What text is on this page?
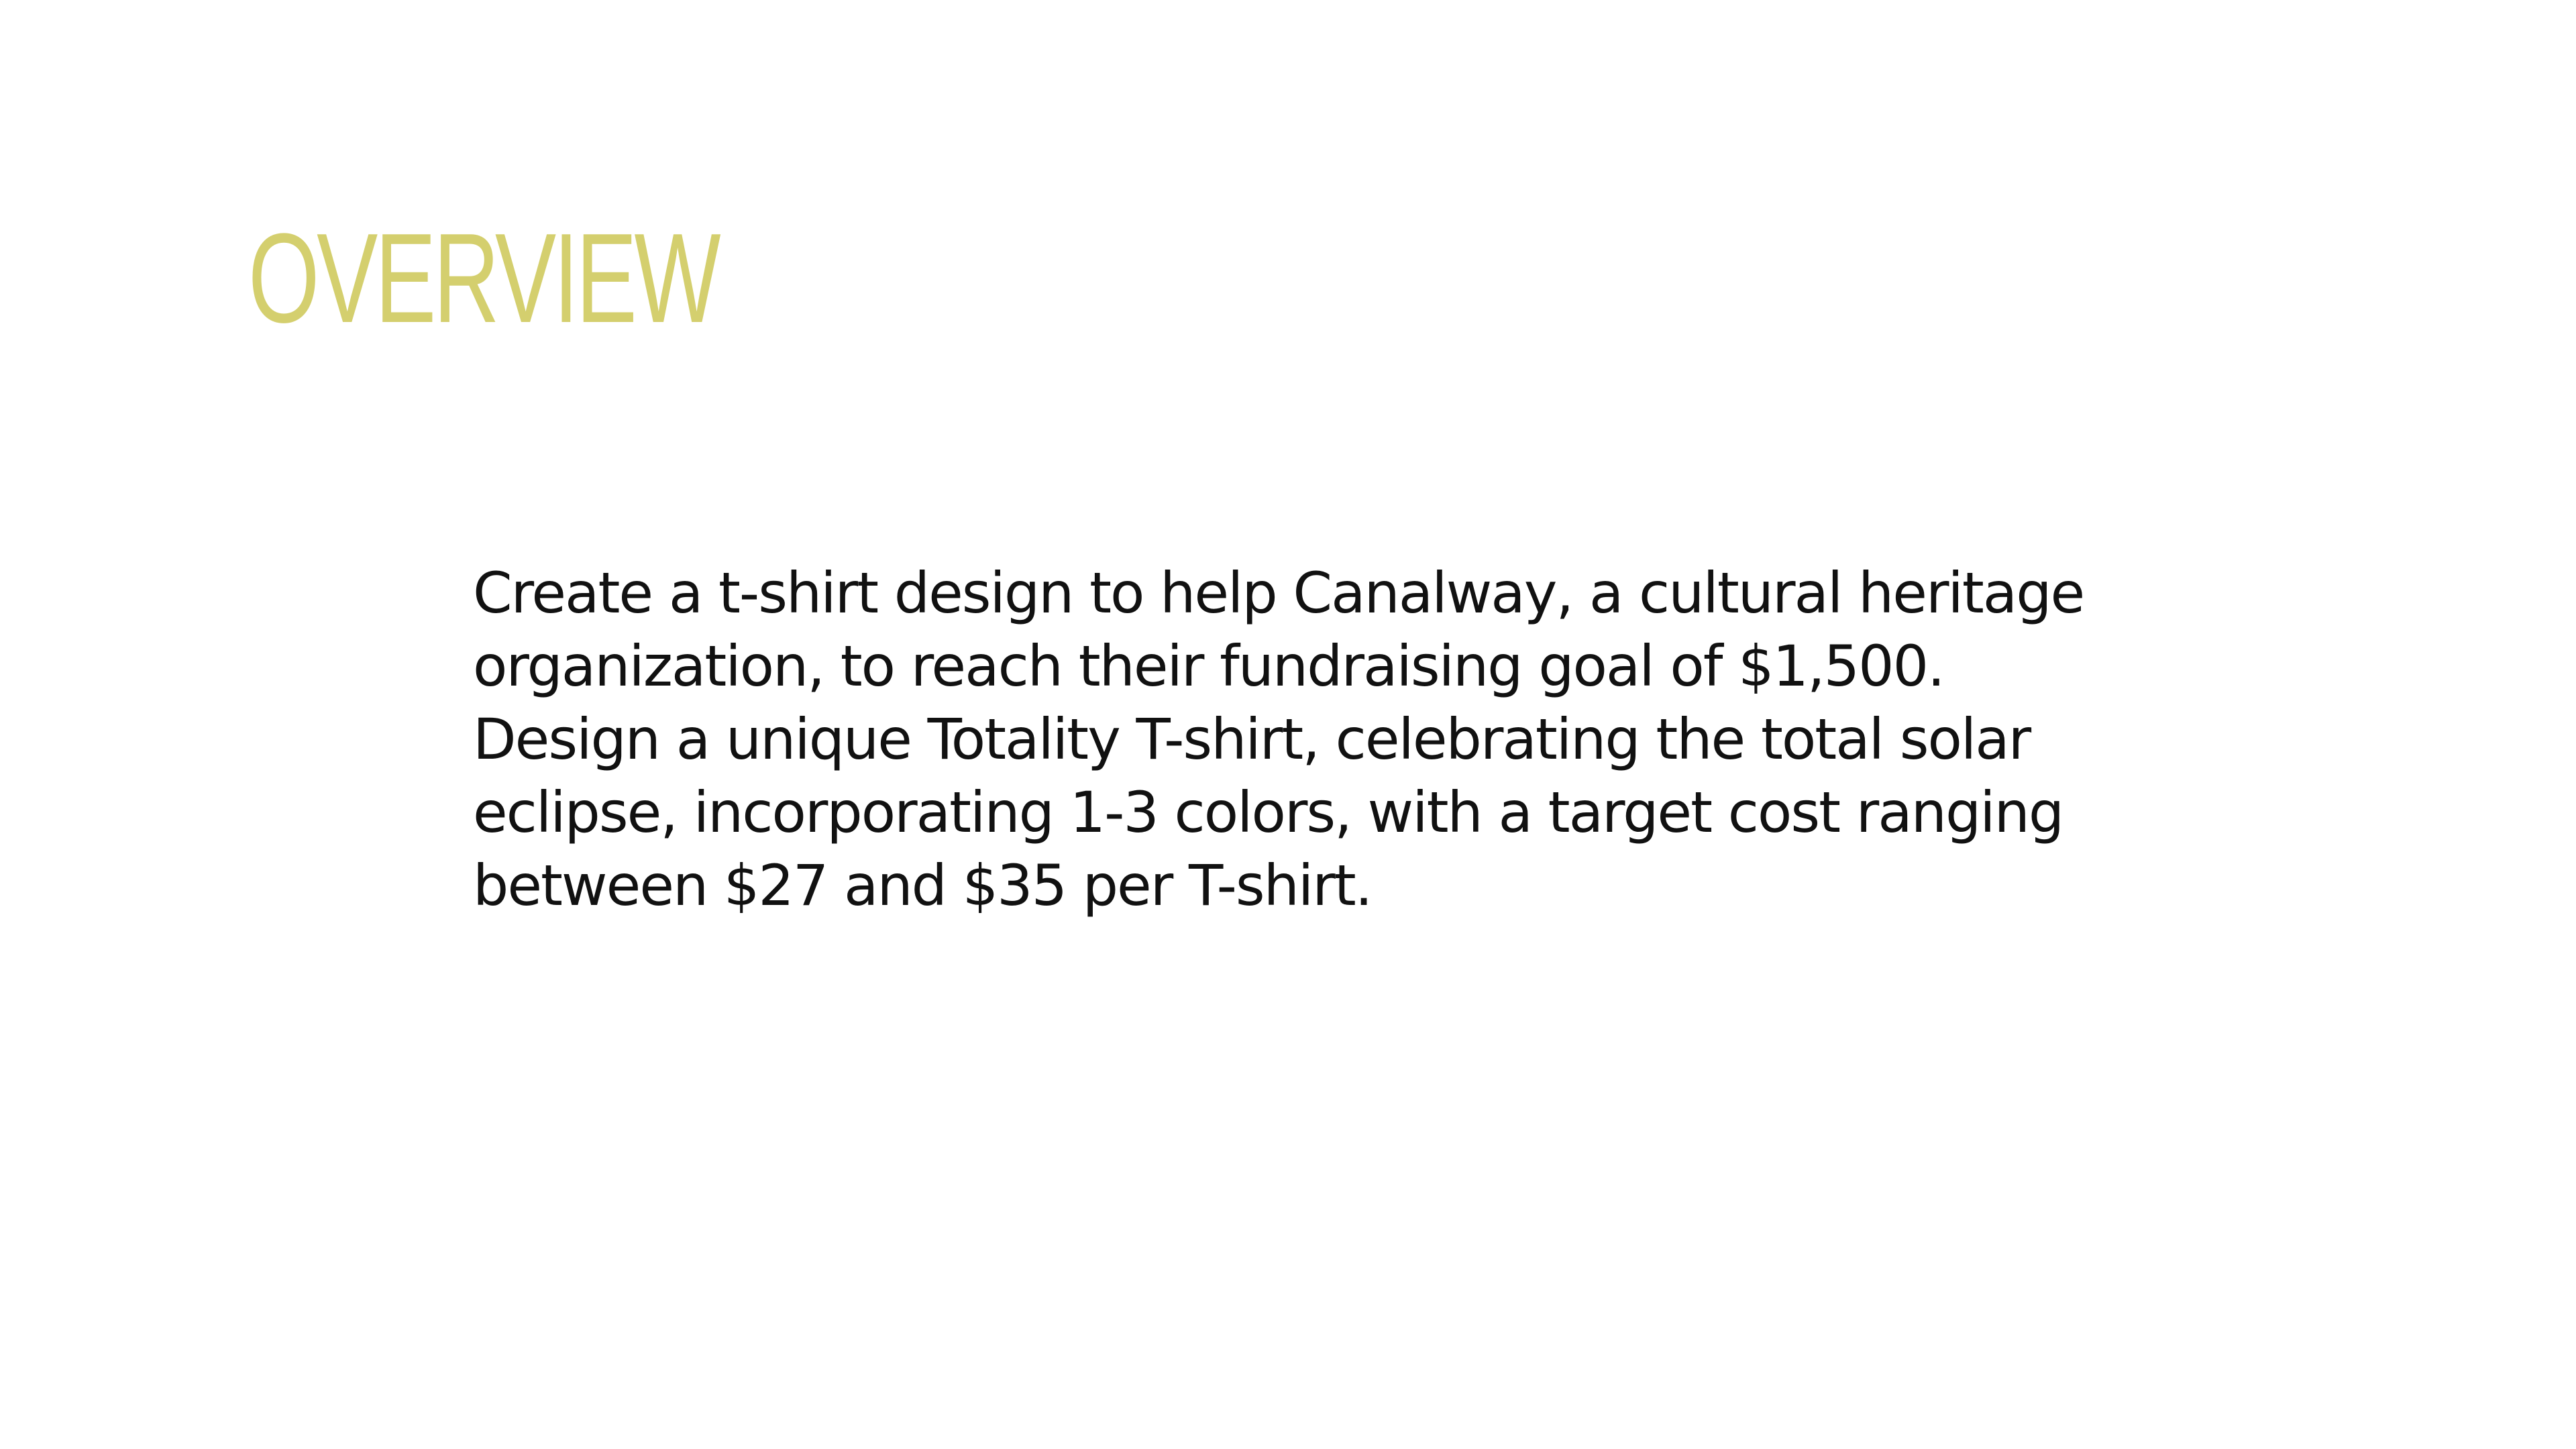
OVERVIEW

Create a t-shirt design to help Canalway, a cultural heritage
organization, to reach their fundraising goal of $1,500.
Design a unique Totality T-shirt, celebrating the total solar
eclipse, incorporating 1-3 colors, with a target cost ranging
between $27 and $35 per T-shirt.
